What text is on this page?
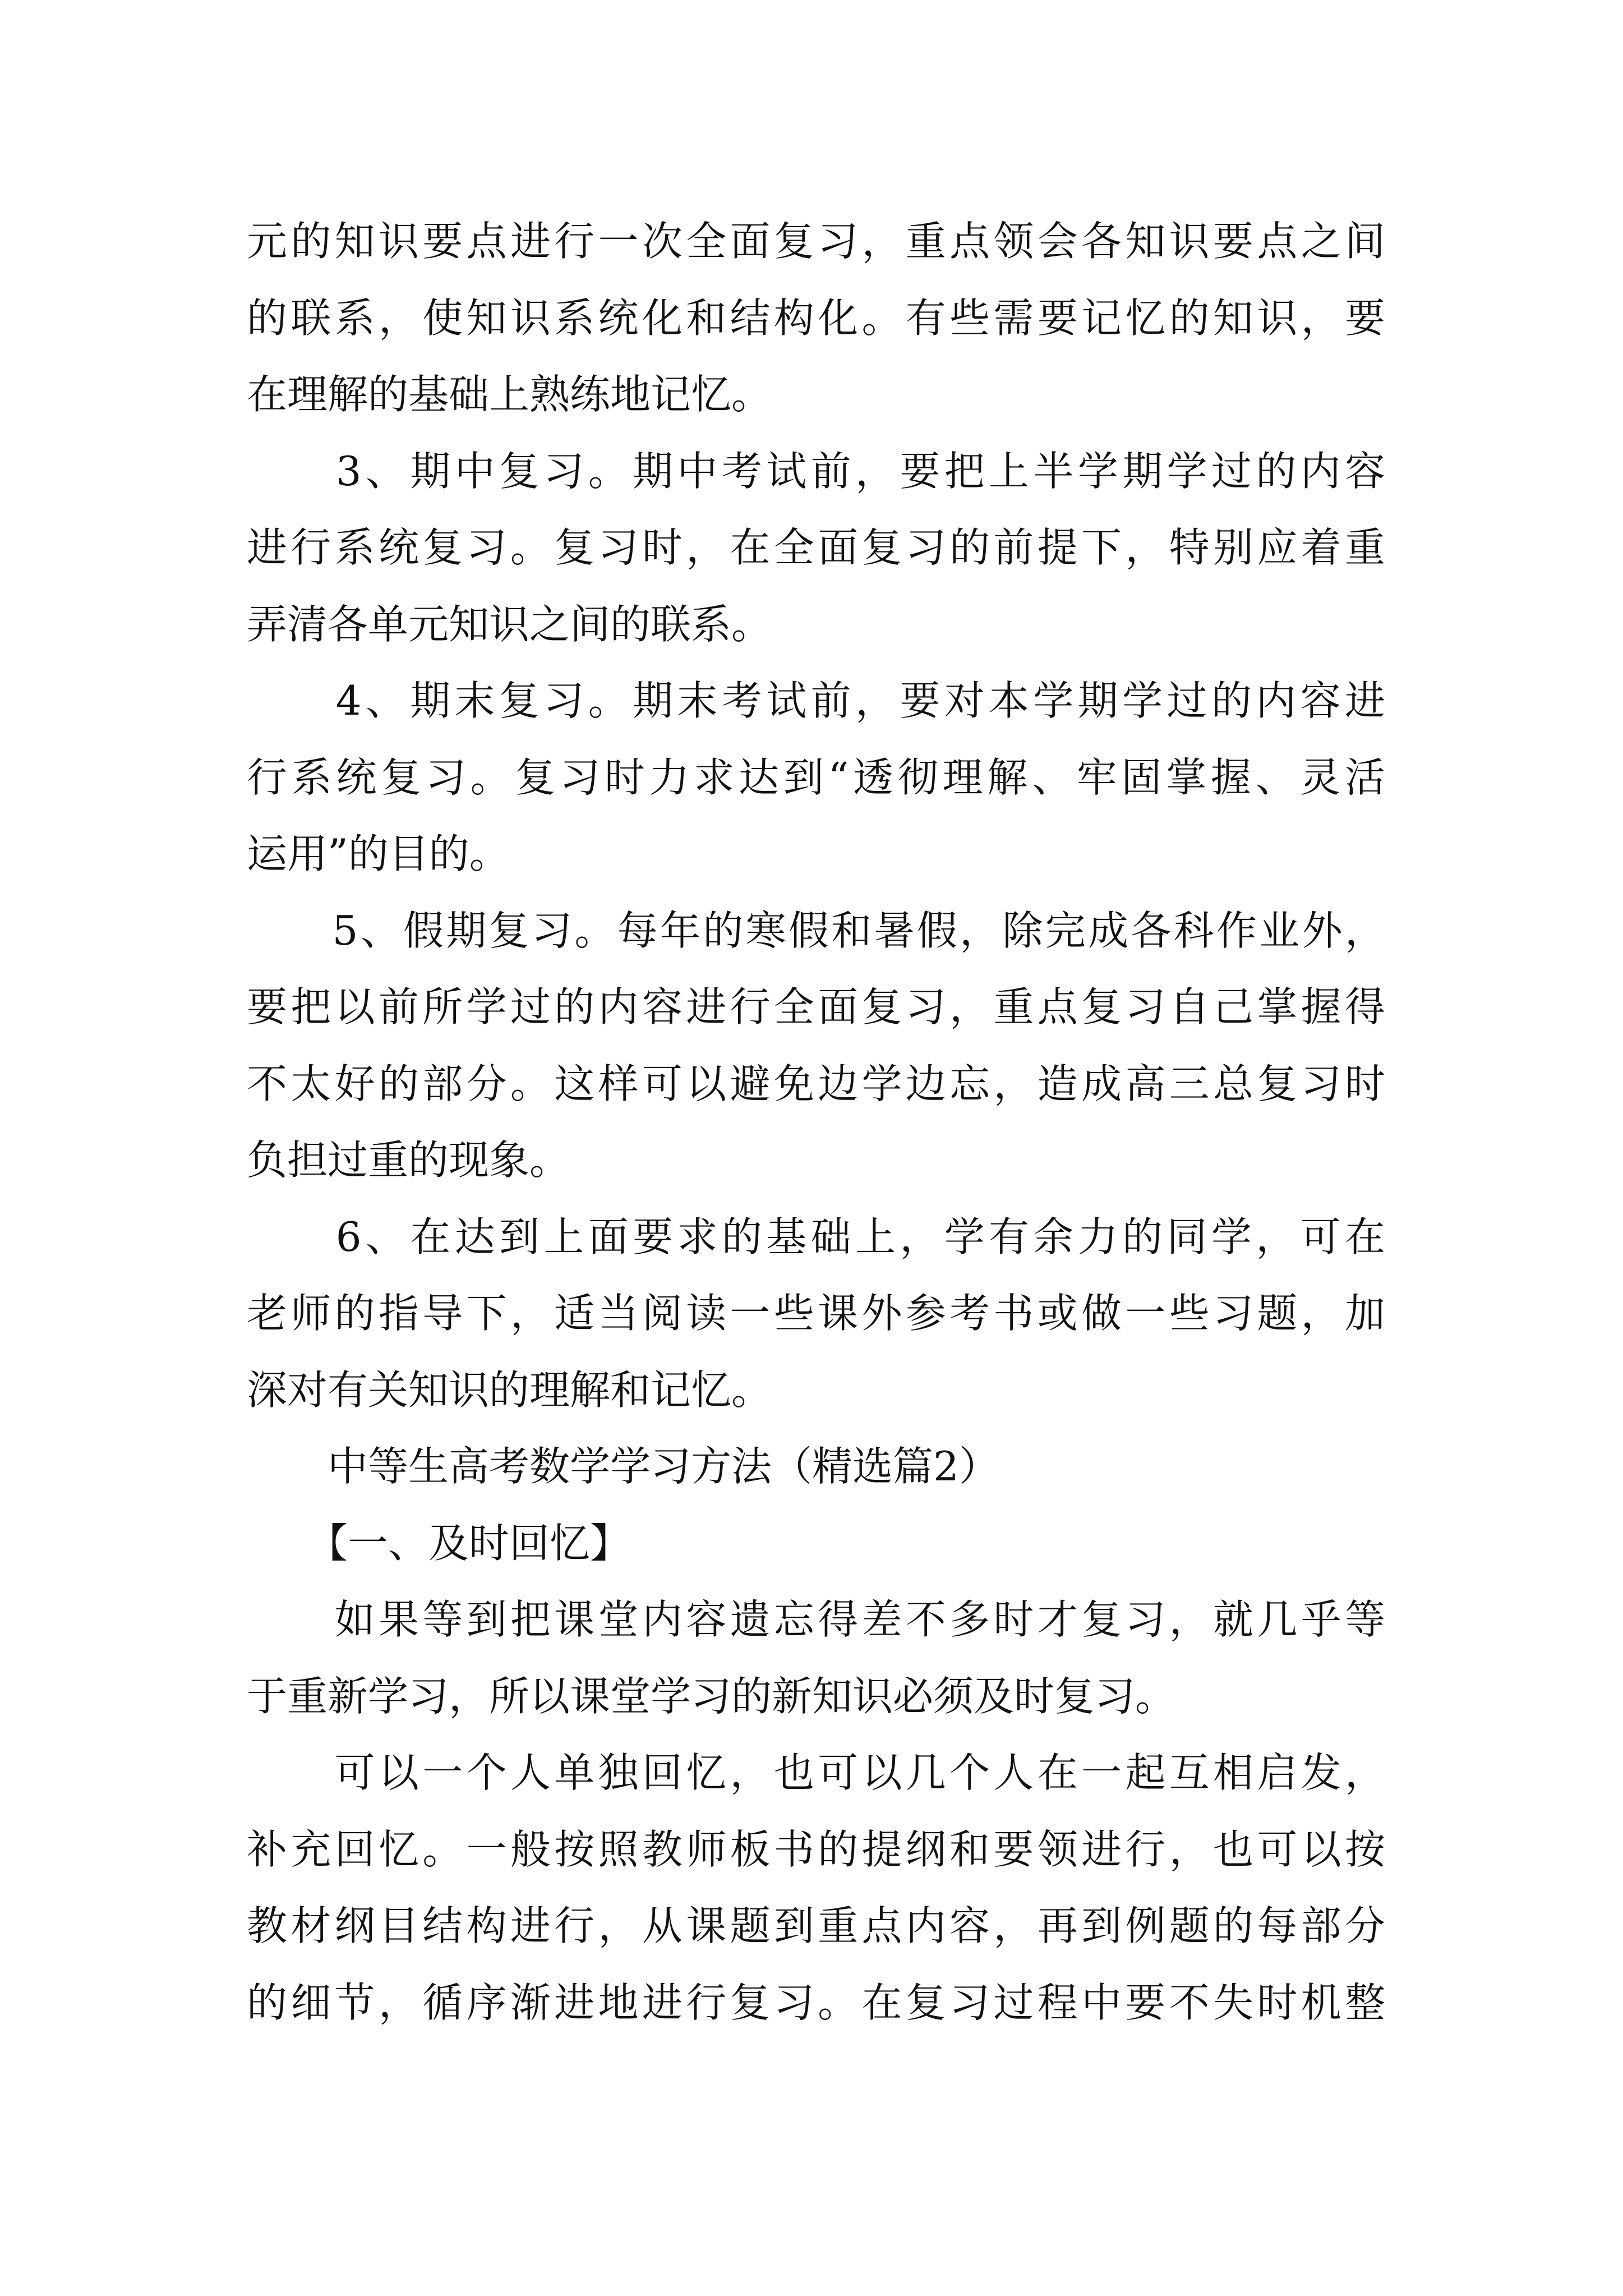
元的知识要点进行一次全面复习，重点领会各知识要点之间
的联系，使知识系统化和结构化。有些需要记忆的知识，要
在理解的基础上熟练地记忆。
　　3、期中复习。期中考试前，要把上半学期学过的内容
进行系统复习。复习时，在全面复习的前提下，特别应着重
弄清各单元知识之间的联系。
　　4、期末复习。期末考试前，要对本学期学过的内容进
行系统复习。复习时力求达到“透彻理解、牢固掌握、灵活
运用”的目的。
　　5、假期复习。每年的寒假和暑假，除完成各科作业外，
要把以前所学过的内容进行全面复习，重点复习自己掌握得
不太好的部分。这样可以避免边学边忘，造成高三总复习时
负担过重的现象。
　　6、在达到上面要求的基础上，学有余力的同学，可在
老师的指导下，适当阅读一些课外参考书或做一些习题，加
深对有关知识的理解和记忆。
　　中等生高考数学学习方法（精选篇2）
　　【一、及时回忆】
　　如果等到把课堂内容遗忘得差不多时才复习，就几乎等
于重新学习，所以课堂学习的新知识必须及时复习。
　　可以一个人单独回忆，也可以几个人在一起互相启发，
补充回忆。一般按照教师板书的提纲和要领进行，也可以按
教材纲目结构进行，从课题到重点内容，再到例题的每部分
的细节，循序渐进地进行复习。在复习过程中要不失时机整
